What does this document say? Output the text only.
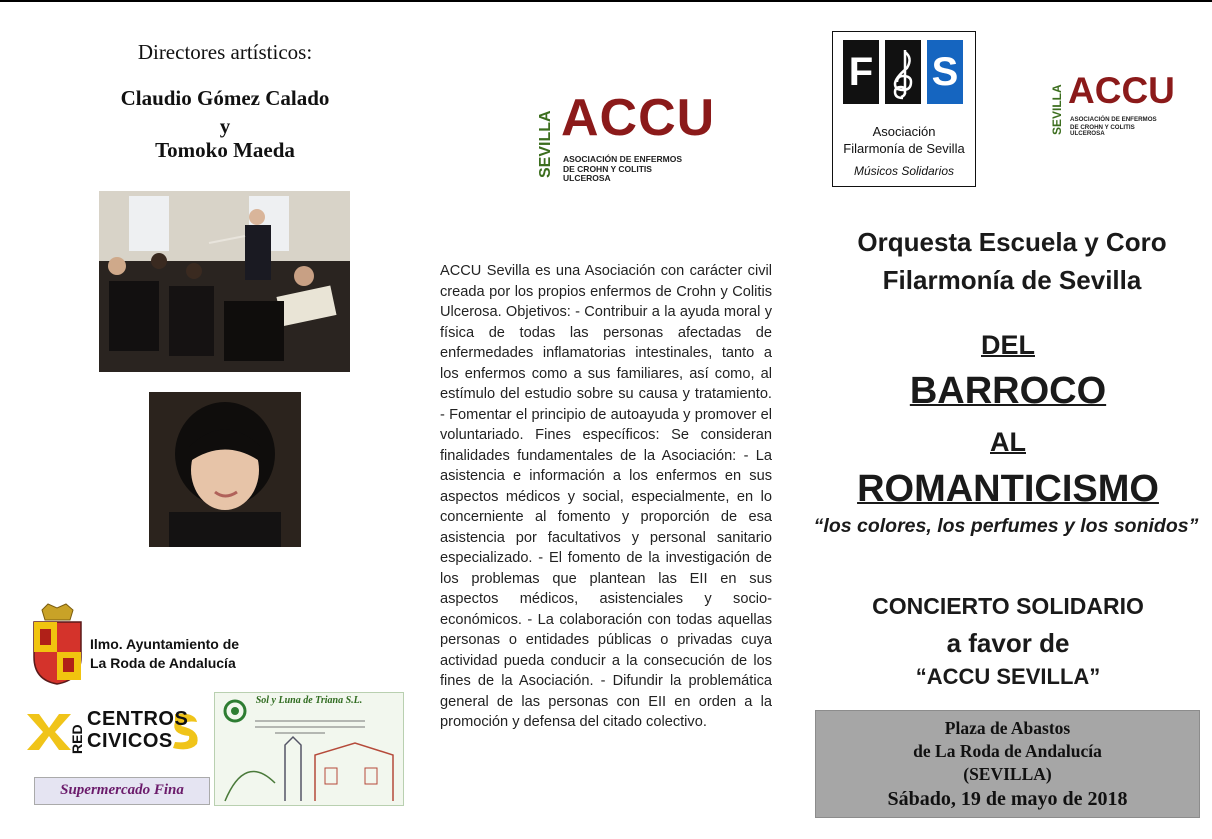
Directores artísticos:
Claudio Gómez Calado
y
Tomoko Maeda
Ilmo. Ayuntamiento de
La Roda de Andalucía
RED
CENTROS
CIVICOS
Sol y Luna de Triana S.L.
Supermercado Fina
SEVILLA ACCU
ASOCIACIÓN DE ENFERMOS
DE CROHN Y COLITIS ULCEROSA
ACCU Sevilla es una Asociación con carácter civil creada por los propios enfermos de Crohn y Colitis Ulcerosa. Objetivos: - Contribuir a la ayuda moral y física de todas las personas afectadas de enfermedades inflamatorias intestinales, tanto a los enfermos como a sus familiares, así como, al estímulo del estudio sobre su causa y tratamiento. - Fomentar el principio de autoayuda y promover el voluntariado. Fines específicos: Se consideran finalidades fundamentales de la Asociación: - La asistencia e información a los enfermos en sus aspectos médicos y social, especialmente, en lo concerniente al fomento y proporción de esa asistencia por facultativos y personal sanitario especializado. - El fomento de la investigación de los problemas que plantean las EII en sus aspectos médicos, asistenciales y socio-económicos. - La colaboración con todas aquellas personas o entidades públicas o privadas cuya actividad pueda conducir a la consecución de los fines de la Asociación. - Difundir la problemática general de las personas con EII en orden a la promoción y defensa del citado colectivo.
F S
Asociación
Filarmonía de Sevilla
Músicos Solidarios
SEVILLA ACCU
ASOCIACIÓN DE ENFERMOS
DE CROHN Y COLITIS ULCEROSA
Orquesta Escuela y Coro
Filarmonía de Sevilla
DEL
BARROCO
AL
ROMANTICISMO
“los colores, los perfumes y los sonidos”
CONCIERTO SOLIDARIO
a favor de
“ACCU SEVILLA”
Plaza de Abastos
de La Roda de Andalucía
(SEVILLA)
Sábado, 19 de mayo de 2018
